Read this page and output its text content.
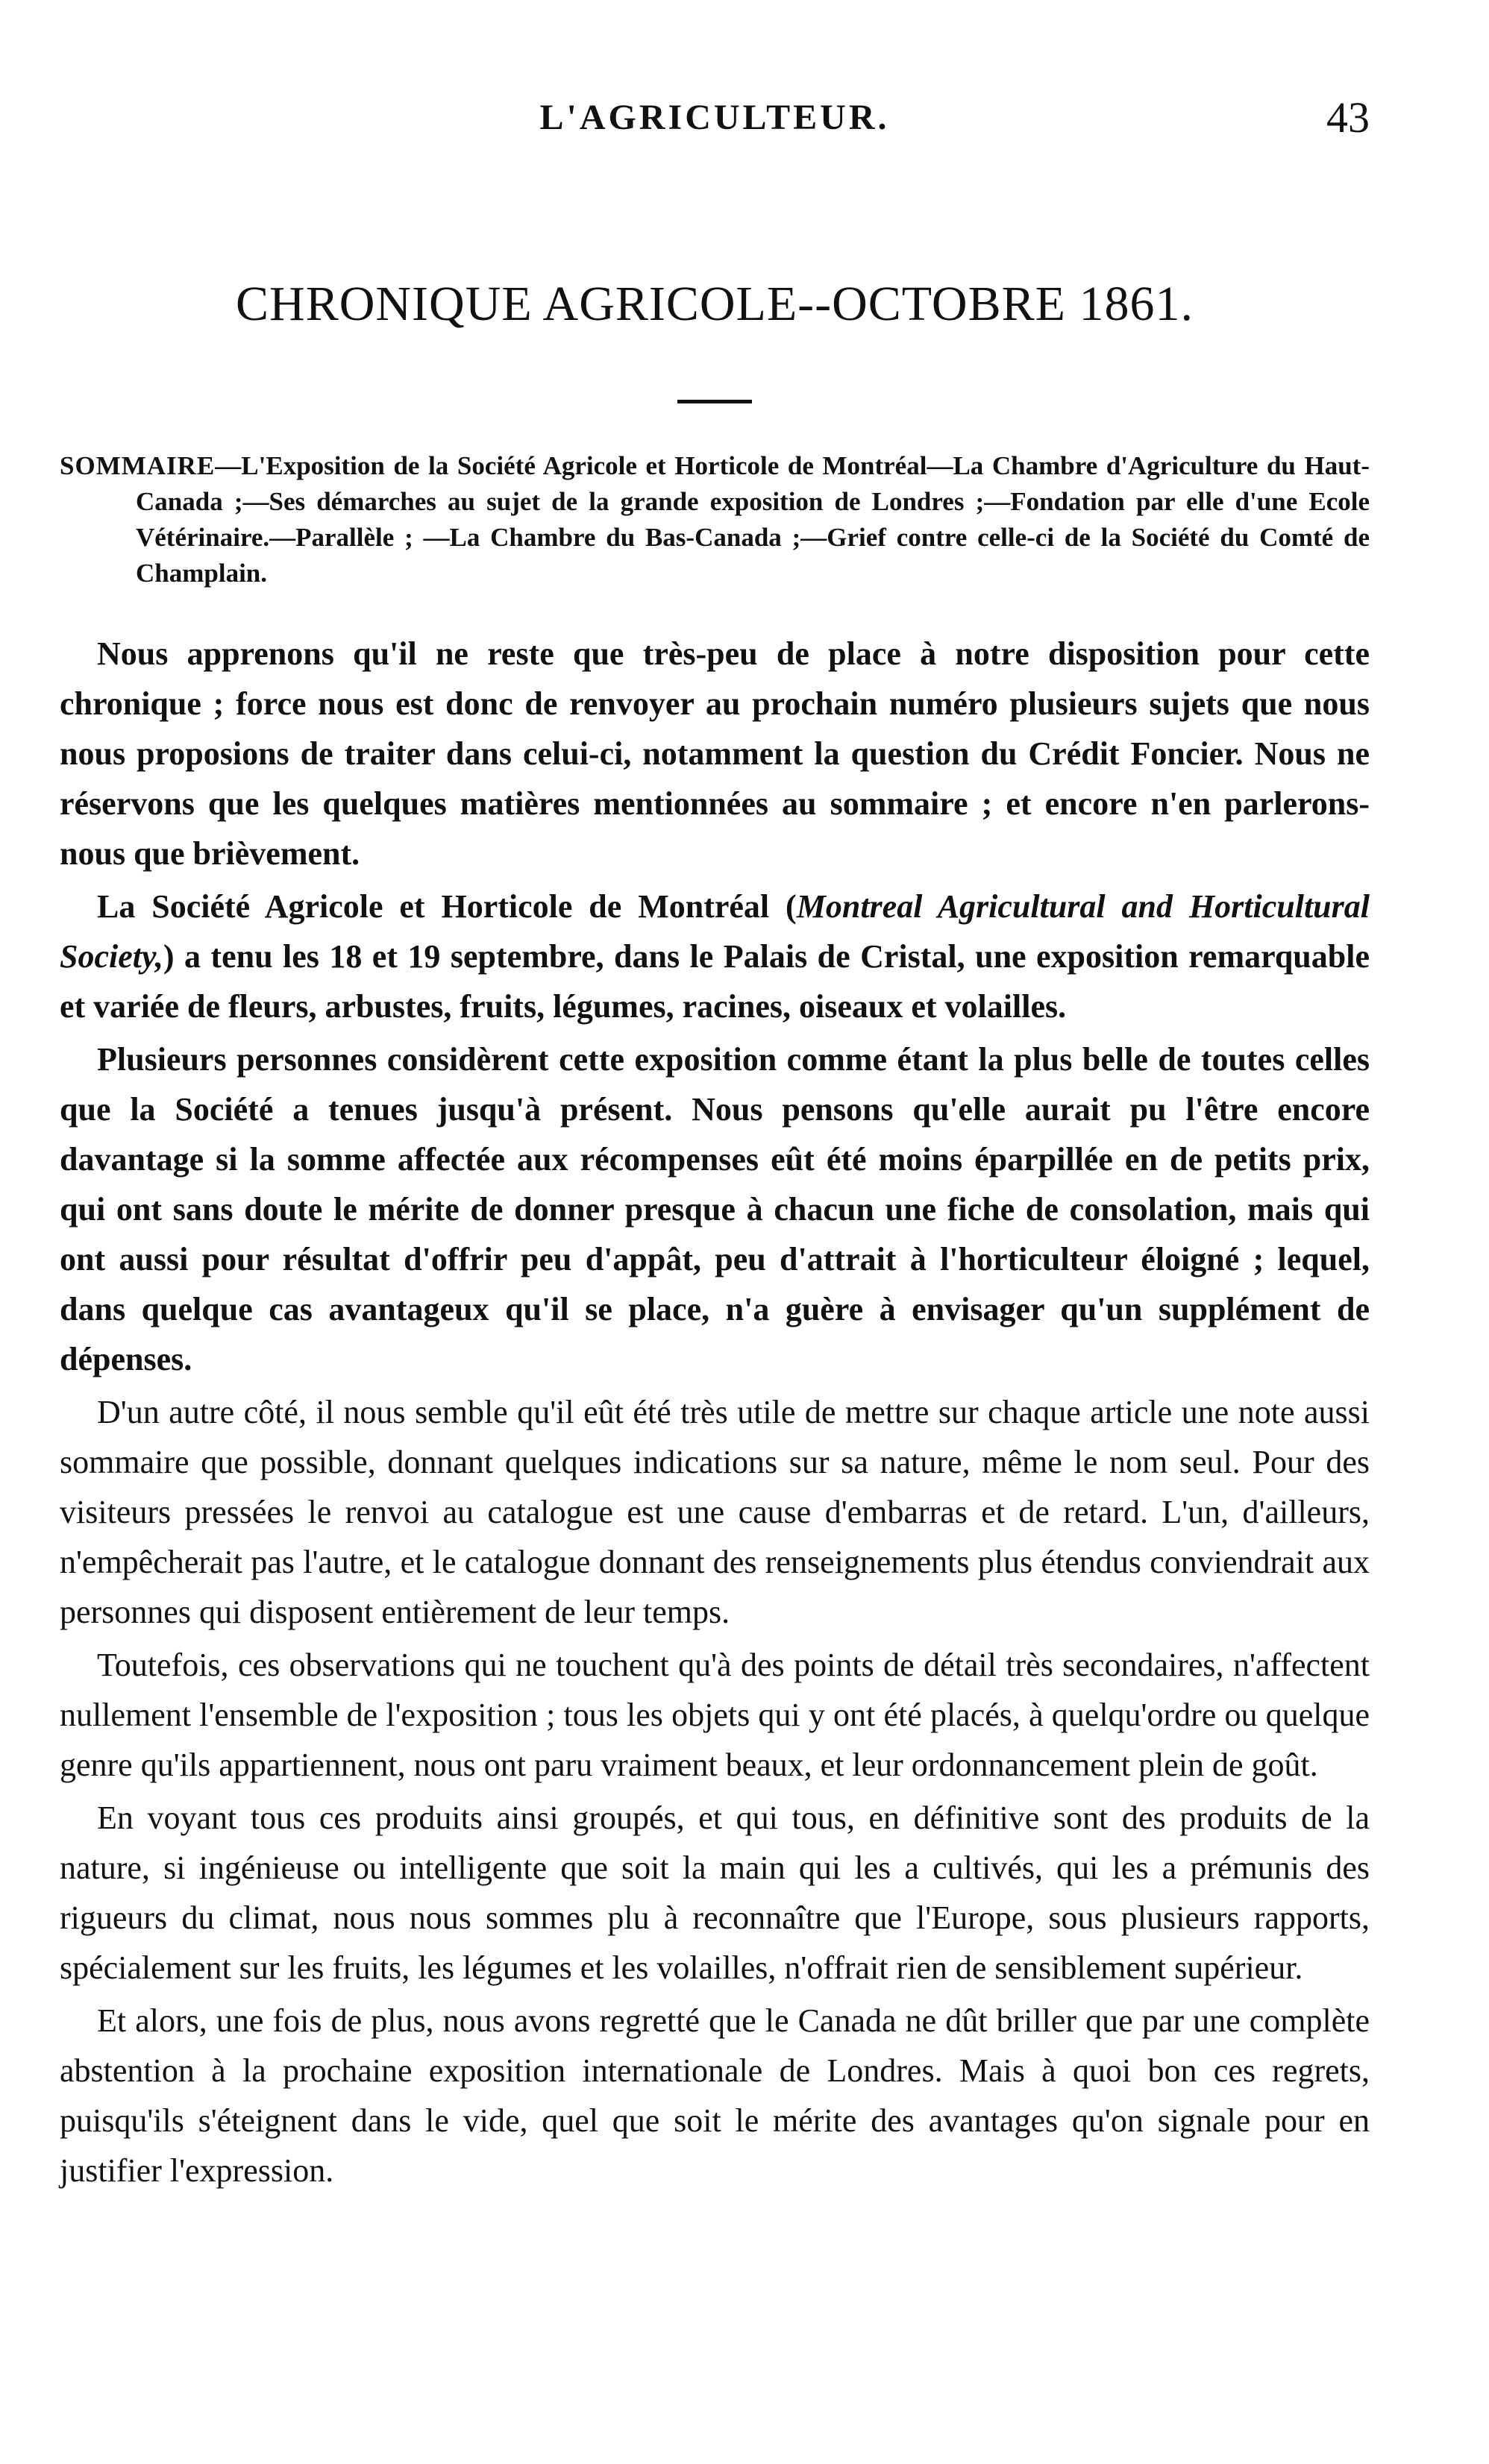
L'AGRICULTEUR.	43
CHRONIQUE AGRICOLE--OCTOBRE 1861.
SOMMAIRE—L'Exposition de la Société Agricole et Horticole de Montréal—La Chambre d'Agriculture du Haut-Canada ;—Ses démarches au sujet de la grande exposition de Londres ;—Fondation par elle d'une Ecole Vétérinaire.—Parallèle ; —La Chambre du Bas-Canada ;—Grief contre celle-ci de la Société du Comté de Champlain.

Nous apprenons qu'il ne reste que très-peu de place à notre disposition pour cette chronique ; force nous est donc de renvoyer au prochain numéro plusieurs sujets que nous nous proposions de traiter dans celui-ci, notamment la question du Crédit Foncier. Nous ne réservons que les quelques matières mentionnées au sommaire ; et encore n'en parlerons-nous que brièvement.

La Société Agricole et Horticole de Montréal (Montreal Agricultural and Horticultural Society,) a tenu les 18 et 19 septembre, dans le Palais de Cristal, une exposition remarquable et variée de fleurs, arbustes, fruits, légumes, racines, oiseaux et volailles.

Plusieurs personnes considèrent cette exposition comme étant la plus belle de toutes celles que la Société a tenues jusqu'à présent. Nous pensons qu'elle aurait pu l'être encore davantage si la somme affectée aux récompenses eût été moins éparpillée en de petits prix, qui ont sans doute le mérite de donner presque à chacun une fiche de consolation, mais qui ont aussi pour résultat d'offrir peu d'appât, peu d'attrait à l'horticulteur éloigné ; lequel, dans quelque cas avantageux qu'il se place, n'a guère à envisager qu'un supplément de dépenses.

D'un autre côté, il nous semble qu'il eût été très utile de mettre sur chaque article une note aussi sommaire que possible, donnant quelques indications sur sa nature, même le nom seul. Pour des visiteurs pressées le renvoi au catalogue est une cause d'embarras et de retard. L'un, d'ailleurs, n'empêcherait pas l'autre, et le catalogue donnant des renseignements plus étendus conviendrait aux personnes qui disposent entièrement de leur temps.

Toutefois, ces observations qui ne touchent qu'à des points de détail très secondaires, n'affectent nullement l'ensemble de l'exposition ; tous les objets qui y ont été placés, à quelqu'ordre ou quelque genre qu'ils appartiennent, nous ont paru vraiment beaux, et leur ordonnancement plein de goût.

En voyant tous ces produits ainsi groupés, et qui tous, en définitive sont des produits de la nature, si ingénieuse ou intelligente que soit la main qui les a cultivés, qui les a prémunis des rigueurs du climat, nous nous sommes plu à reconnaître que l'Europe, sous plusieurs rapports, spécialement sur les fruits, les légumes et les volailles, n'offrait rien de sensiblement supérieur.

Et alors, une fois de plus, nous avons regretté que le Canada ne dût briller que par une complète abstention à la prochaine exposition internationale de Londres. Mais à quoi bon ces regrets, puisqu'ils s'éteignent dans le vide, quel que soit le mérite des avantages qu'on signale pour en justifier l'expression.
